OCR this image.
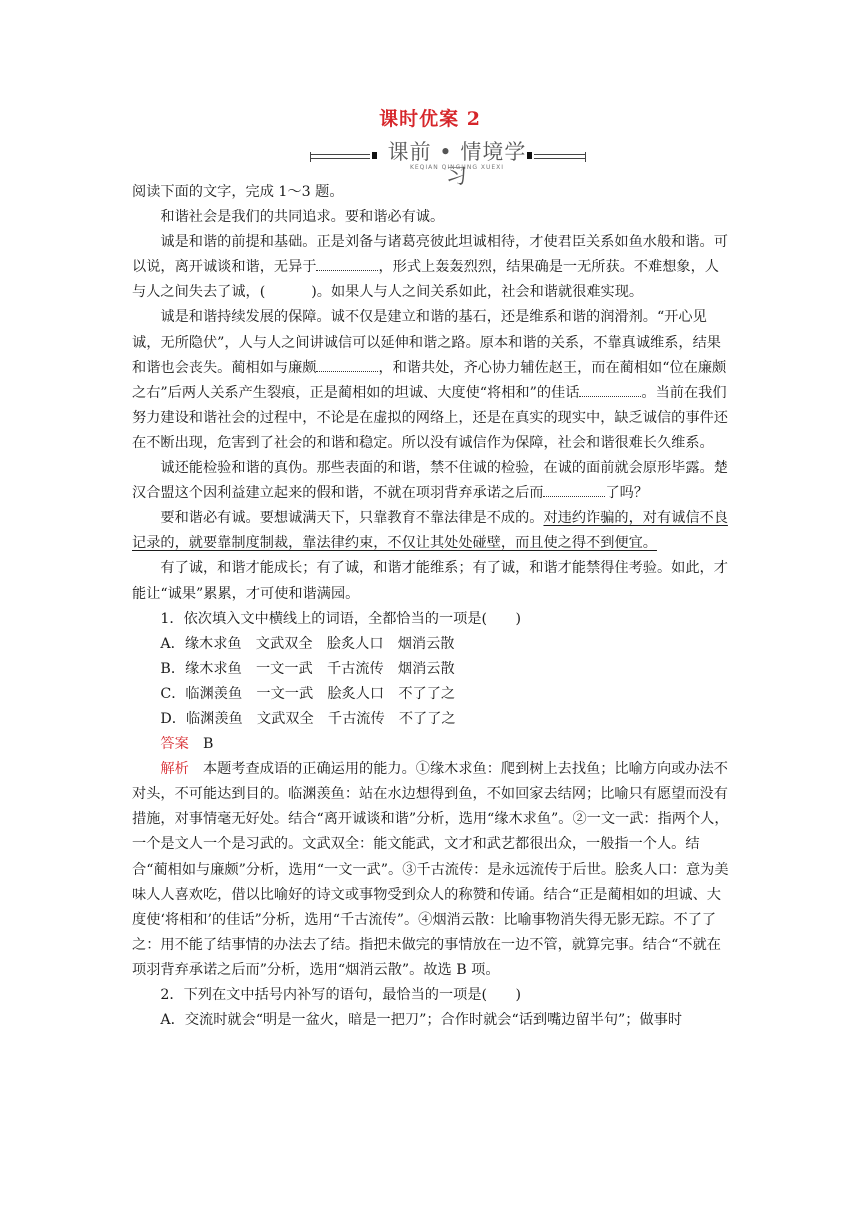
课时优案 2
课前 • 情境学习
KEQIAN QINGJING XUEXI

阅读下面的文字，完成 1～3 题。

和谐社会是我们的共同追求。要和谐必有诚。

诚是和谐的前提和基础。正是刘备与诸葛亮彼此坦诚相待，才使君臣关系如鱼水般和谐。可以说，离开诚谈和谐，无异于	，形式上轰轰烈烈，结果确是一无所获。不难想象，人与人之间失去了诚，(	)。如果人与人之间关系如此，社会和谐就很难实现。

诚是和谐持续发展的保障。诚不仅是建立和谐的基石，还是维系和谐的润滑剂。“开心见诚，无所隐伏”，人与人之间讲诚信可以延伸和谐之路。原本和谐的关系，不靠真诚维系，结果和谐也会丧失。蔺相如与廉颇	，和谐共处，齐心协力辅佐赵王，而在蔺相如“位在廉颇之右”后两人关系产生裂痕，正是蔺相如的坦诚、大度使“将相和”的佳话	。当前在我们努力建设和谐社会的过程中，不论是在虚拟的网络上，还是在真实的现实中，缺乏诚信的事件还在不断出现，危害到了社会的和谐和稳定。所以没有诚信作为保障，社会和谐很难长久维系。

诚还能检验和谐的真伪。那些表面的和谐，禁不住诚的检验，在诚的面前就会原形毕露。楚汉合盟这个因利益建立起来的假和谐，不就在项羽背弃承诺之后而	了吗？

要和谐必有诚。要想诚满天下，只靠教育不靠法律是不成的。对违约诈骗的，对有诚信不良记录的，就要靠制度制裁，靠法律约束，不仅让其处处碰壁，而且使之得不到便宜。

有了诚，和谐才能成长；有了诚，和谐才能维系；有了诚，和谐才能禁得住考验。如此，才能让“诚果”累累，才可使和谐满园。

1．依次填入文中横线上的词语，全都恰当的一项是(　　)

A．缘木求鱼　 文武双全　 脍炙人口　 烟消云散

B．缘木求鱼　 一文一武　 千古流传　 烟消云散

C．临渊羡鱼　 一文一武　 脍炙人口　 不了了之

D．临渊羡鱼　 文武双全　 千古流传　 不了了之

答案　 B

解析　 本题考查成语的正确运用的能力。①缘木求鱼：爬到树上去找鱼；比喻方向或办法不对头，不可能达到目的。临渊羡鱼：站在水边想得到鱼，不如回家去结网；比喻只有愿望而没有措施，对事情毫无好处。结合“离开诚谈和谐”分析，选用“缘木求鱼”。②一文一武：指两个人，一个是文人一个是习武的。文武双全：能文能武，文才和武艺都很出众，一般指一个人。结合“蔺相如与廉颇”分析，选用“一文一武”。③千古流传：是永远流传于后世。脍炙人口：意为美味人人喜欢吃，借以比喻好的诗文或事物受到众人的称赞和传诵。结合“正是蔺相如的坦诚、大度使‘将相和’的佳话”分析，选用“千古流传”。④烟消云散：比喻事物消失得无影无踪。不了了之：用不能了结事情的办法去了结。指把未做完的事情放在一边不管，就算完事。结合“不就在项羽背弃承诺之后而”分析，选用“烟消云散”。故选 B 项。

2．下列在文中括号内补写的语句，最恰当的一项是(　　)

A．交流时就会“明是一盆火，暗是一把刀”；合作时就会“话到嘴边留半句”；做事时
